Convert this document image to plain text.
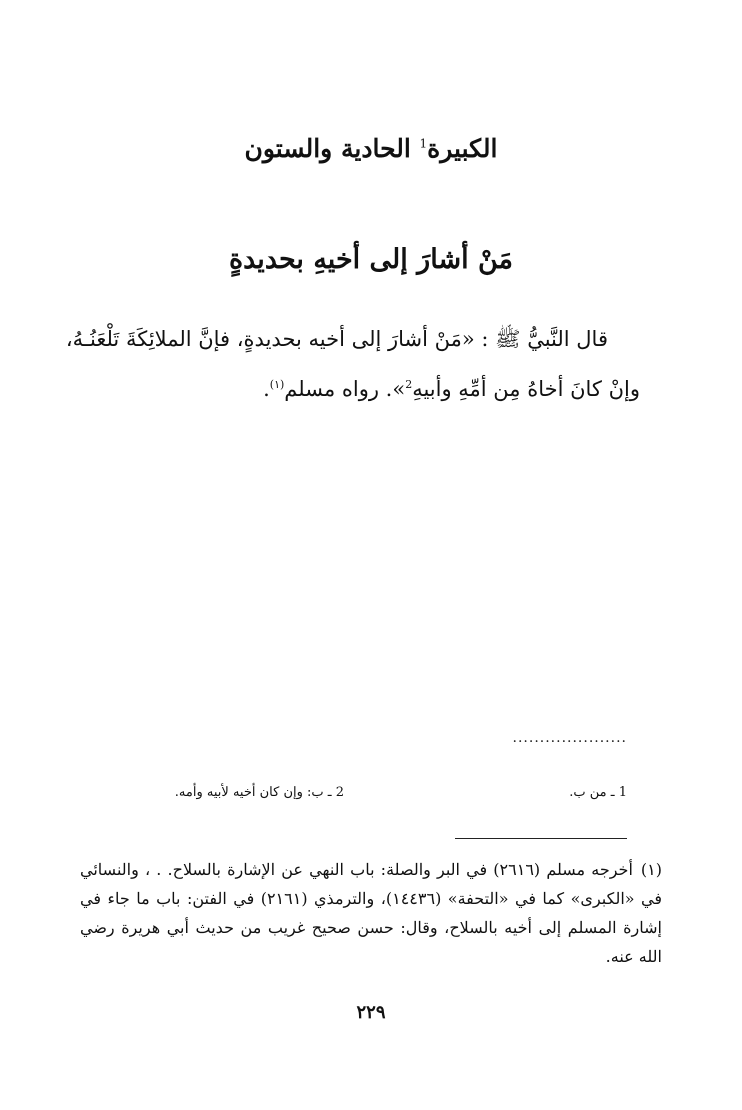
الكبيرة$^1$ الحادية والستون
مَنْ أشارَ إلى أخيهِ بحديدةٍ

قال النَّبيُّ ﷺ : «مَنْ أشارَ إلى أخيه بحديدةٍ، فإنَّ الملائِكَةَ تَلْعَنُـهُ،
وإنْ كانَ أخاهُ مِن أمِّهِ وأبيهِ$^2$». رواه مسلم$^{(١)}$.

.....................
1 ـ من ب.
2 ـ ب: وإن كان أخيه لأبيه وأمه.

(١)أخرجه مسلم (٢٦١٦) في البر والصلة: باب النهي عن الإشارة بالسلاح. . ، والنسائي في «الكبرى» كما في «التحفة» (١٤٤٣٦)، والترمذي (٢١٦١) في الفتن: باب ما جاء في إشارة المسلم إلى أخيه بالسلاح، وقال: حسن صحيح غريب من حديث أبي هريرة رضي الله عنه.

٢٢٩
